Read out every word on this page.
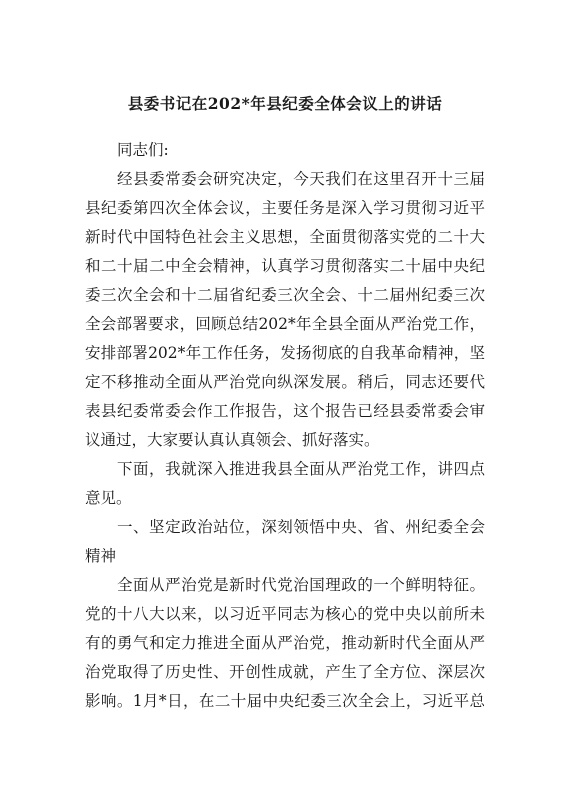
县委书记在202*年县纪委全体会议上的讲话
同志们:
经县委常委会研究决定，今天我们在这里召开十三届
县纪委第四次全体会议，主要任务是深入学习贯彻习近平
新时代中国特色社会主义思想，全面贯彻落实党的二十大
和二十届二中全会精神，认真学习贯彻落实二十届中央纪
委三次全会和十二届省纪委三次全会、十二届州纪委三次
全会部署要求，回顾总结202*年全县全面从严治党工作，
安排部署202*年工作任务，发扬彻底的自我革命精神，坚
定不移推动全面从严治党向纵深发展。稍后，同志还要代
表县纪委常委会作工作报告，这个报告已经县委常委会审
议通过，大家要认真认真领会、抓好落实。
下面，我就深入推进我县全面从严治党工作，讲四点
意见。
一、坚定政治站位，深刻领悟中央、省、州纪委全会
精神
全面从严治党是新时代党治国理政的一个鲜明特征。
党的十八大以来，以习近平同志为核心的党中央以前所未
有的勇气和定力推进全面从严治党，推动新时代全面从严
治党取得了历史性、开创性成就，产生了全方位、深层次
影响。1月*日，在二十届中央纪委三次全会上，习近平总
